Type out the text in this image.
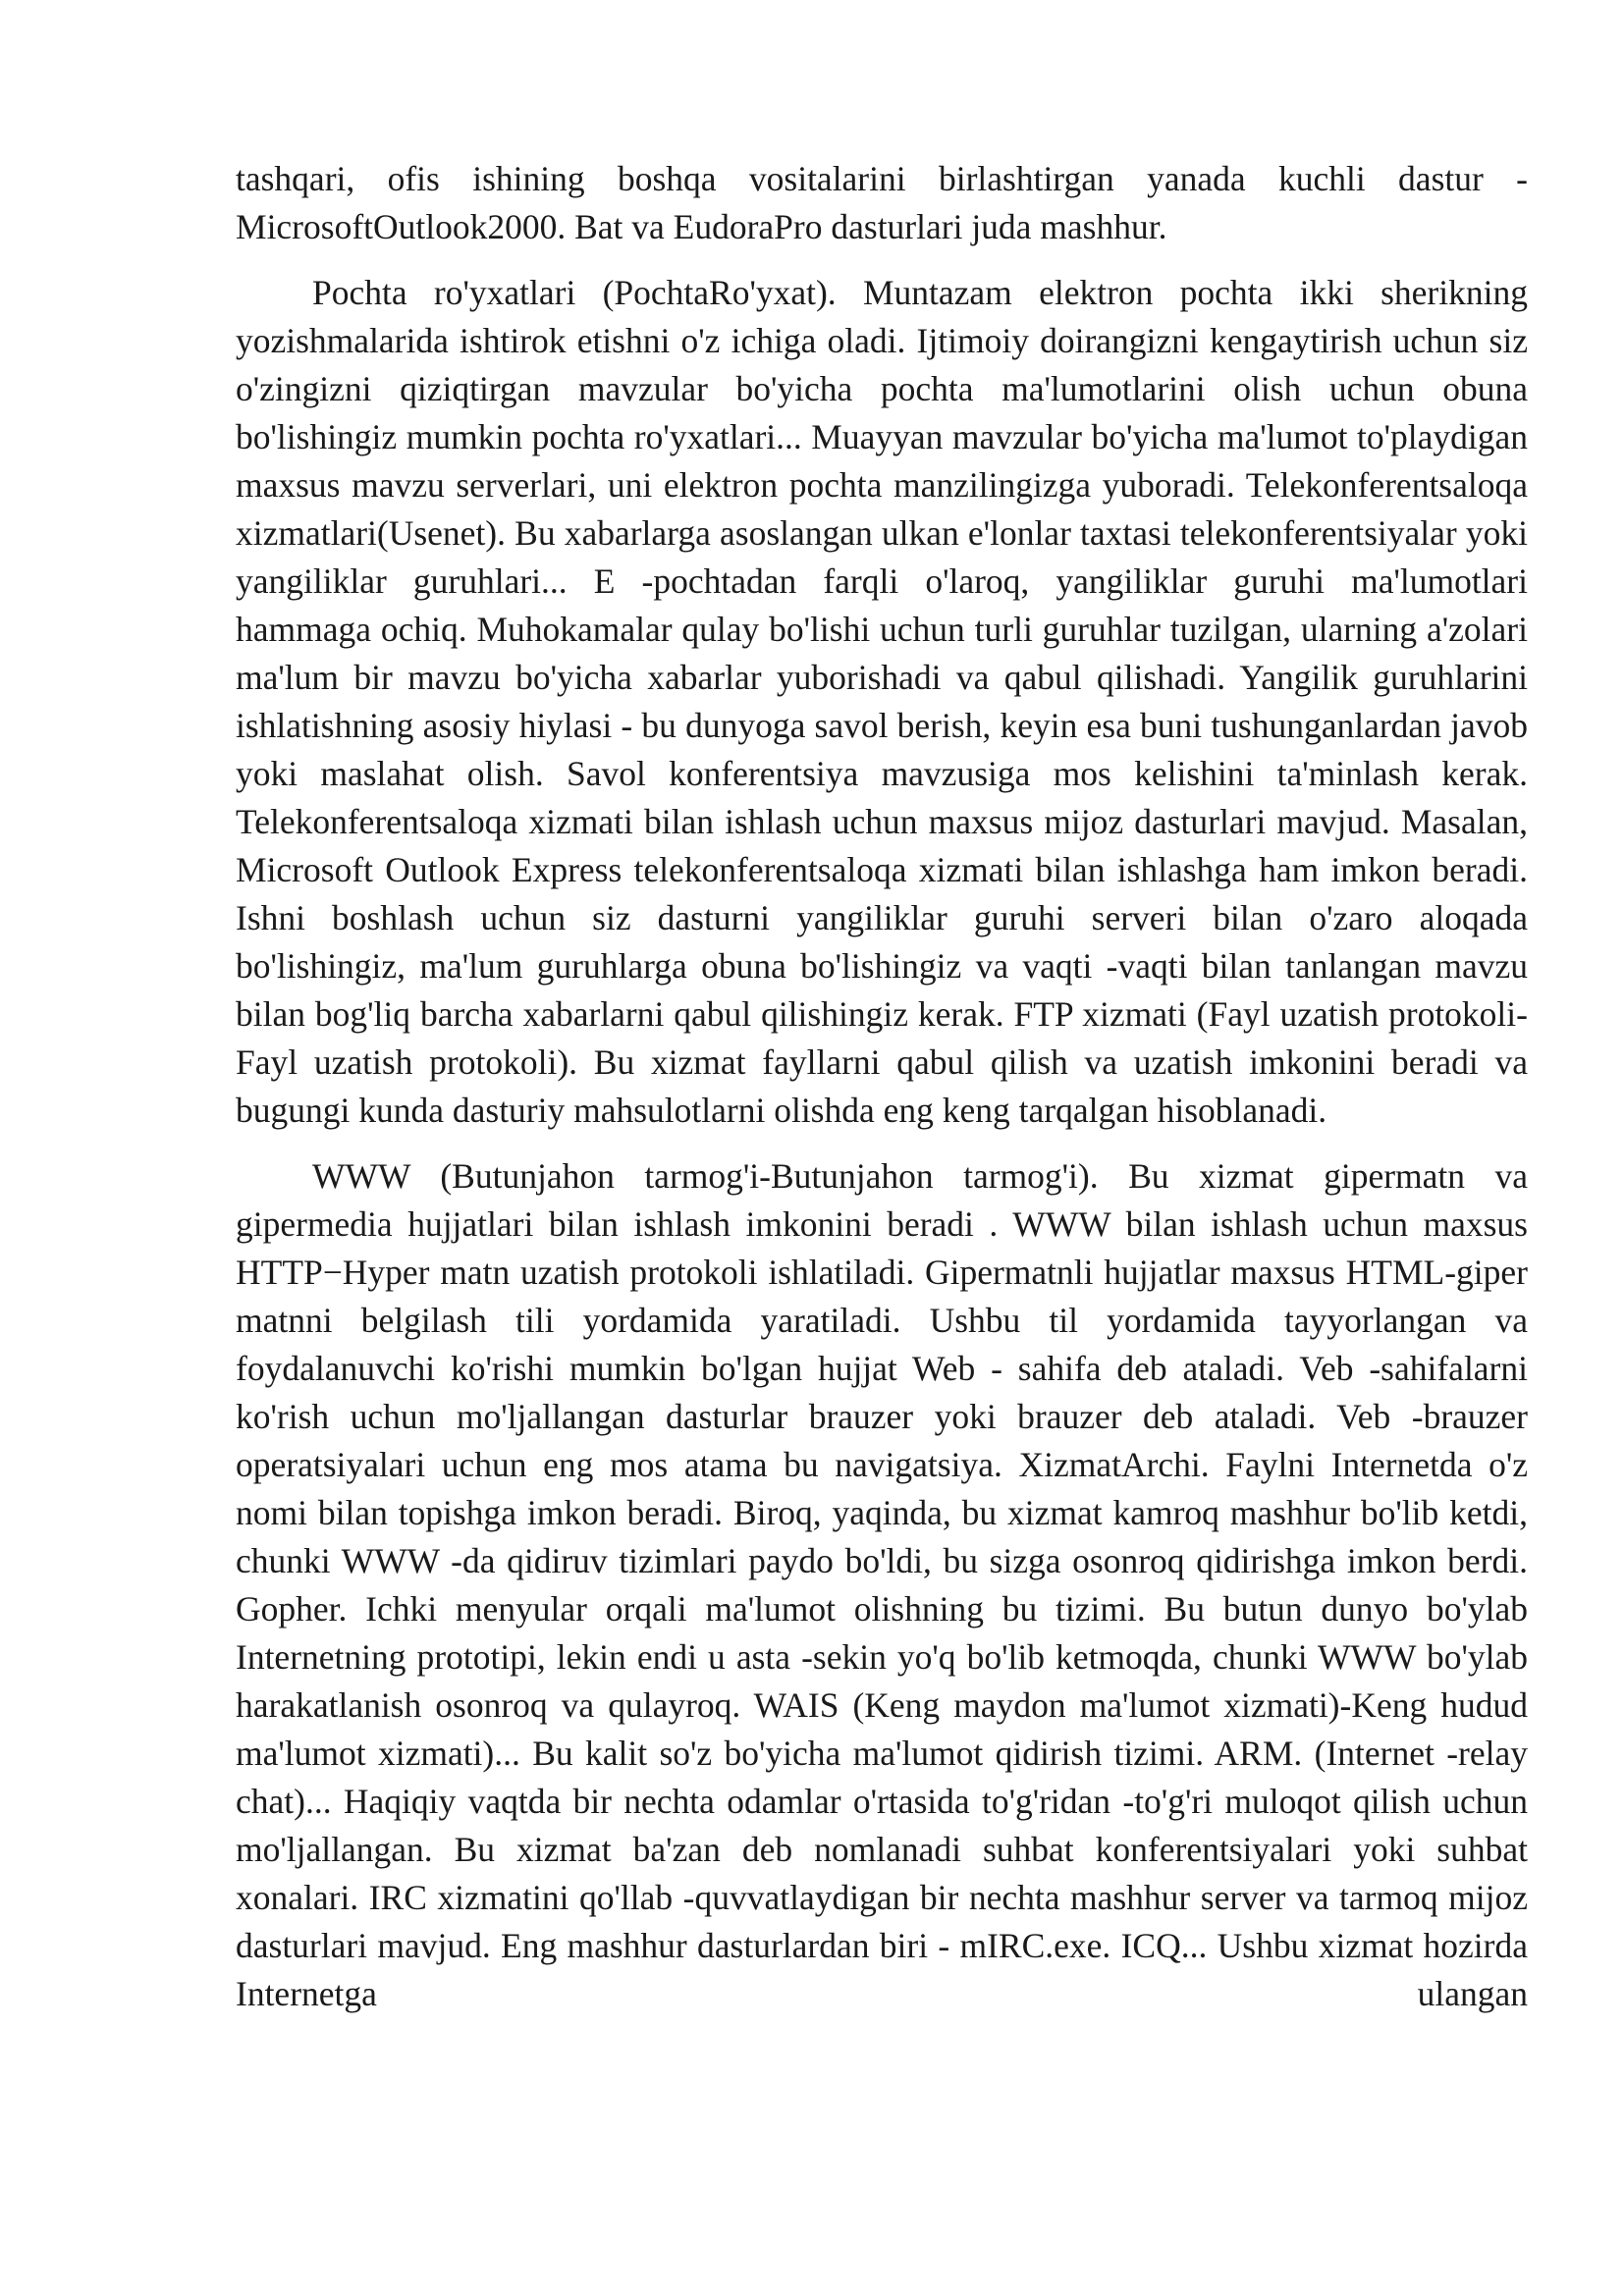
tashqari, ofis ishining boshqa vositalarini birlashtirgan yanada kuchli dastur - MicrosoftOutlook2000. Bat va EudoraPro dasturlari juda mashhur.

Pochta ro'yxatlari (PochtaRo'yxat). Muntazam elektron pochta ikki sherikning yozishmalarida ishtirok etishni o'z ichiga oladi. Ijtimoiy doirangizni kengaytirish uchun siz o'zingizni qiziqtirgan mavzular bo'yicha pochta ma'lumotlarini olish uchun obuna bo'lishingiz mumkin pochta ro'yxatlari... Muayyan mavzular bo'yicha ma'lumot to'playdigan maxsus mavzu serverlari, uni elektron pochta manzilingizga yuboradi. Telekonferentsaloqa xizmatlari(Usenet). Bu xabarlarga asoslangan ulkan e'lonlar taxtasi telekonferentsiyalar yoki yangiliklar guruhlari... E -pochtadan farqli o'laroq, yangiliklar guruhi ma'lumotlari hammaga ochiq. Muhokamalar qulay bo'lishi uchun turli guruhlar tuzilgan, ularning a'zolari ma'lum bir mavzu bo'yicha xabarlar yuborishadi va qabul qilishadi. Yangilik guruhlarini ishlatishning asosiy hiylasi - bu dunyoga savol berish, keyin esa buni tushunganlardan javob yoki maslahat olish. Savol konferentsiya mavzusiga mos kelishini ta'minlash kerak. Telekonferentsaloqa xizmati bilan ishlash uchun maxsus mijoz dasturlari mavjud. Masalan, Microsoft Outlook Express telekonferentsaloqa xizmati bilan ishlashga ham imkon beradi. Ishni boshlash uchun siz dasturni yangiliklar guruhi serveri bilan o'zaro aloqada bo'lishingiz, ma'lum guruhlarga obuna bo'lishingiz va vaqti -vaqti bilan tanlangan mavzu bilan bog'liq barcha xabarlarni qabul qilishingiz kerak. FTP xizmati (Fayl uzatish protokoli-Fayl uzatish protokoli). Bu xizmat fayllarni qabul qilish va uzatish imkonini beradi va bugungi kunda dasturiy mahsulotlarni olishda eng keng tarqalgan hisoblanadi.

WWW (Butunjahon tarmog'i-Butunjahon tarmog'i). Bu xizmat gipermatn va gipermedia hujjatlari bilan ishlash imkonini beradi . WWW bilan ishlash uchun maxsus HTTP−Hyper matn uzatish protokoli ishlatiladi. Gipermatnli hujjatlar maxsus HTML-giper matnni belgilash tili yordamida yaratiladi. Ushbu til yordamida tayyorlangan va foydalanuvchi ko'rishi mumkin bo'lgan hujjat Web - sahifa deb ataladi. Veb -sahifalarni ko'rish uchun mo'ljallangan dasturlar brauzer yoki brauzer deb ataladi. Veb -brauzer operatsiyalari uchun eng mos atama bu navigatsiya. XizmatArchi. Faylni Internetda o'z nomi bilan topishga imkon beradi. Biroq, yaqinda, bu xizmat kamroq mashhur bo'lib ketdi, chunki WWW -da qidiruv tizimlari paydo bo'ldi, bu sizga osonroq qidirishga imkon berdi. Gopher. Ichki menyular orqali ma'lumot olishning bu tizimi. Bu butun dunyo bo'ylab Internetning prototipi, lekin endi u asta -sekin yo'q bo'lib ketmoqda, chunki WWW bo'ylab harakatlanish osonroq va qulayroq. WAIS (Keng maydon ma'lumot xizmati)-Keng hudud ma'lumot xizmati)... Bu kalit so'z bo'yicha ma'lumot qidirish tizimi. ARM. (Internet -relay chat)... Haqiqiy vaqtda bir nechta odamlar o'rtasida to'g'ridan -to'g'ri muloqot qilish uchun mo'ljallangan. Bu xizmat ba'zan deb nomlanadi suhbat konferentsiyalari yoki suhbat xonalari. IRC xizmatini qo'llab -quvvatlaydigan bir nechta mashhur server va tarmoq mijoz dasturlari mavjud. Eng mashhur dasturlardan biri - mIRC.exe. ICQ... Ushbu xizmat hozirda Internetga ulangan
